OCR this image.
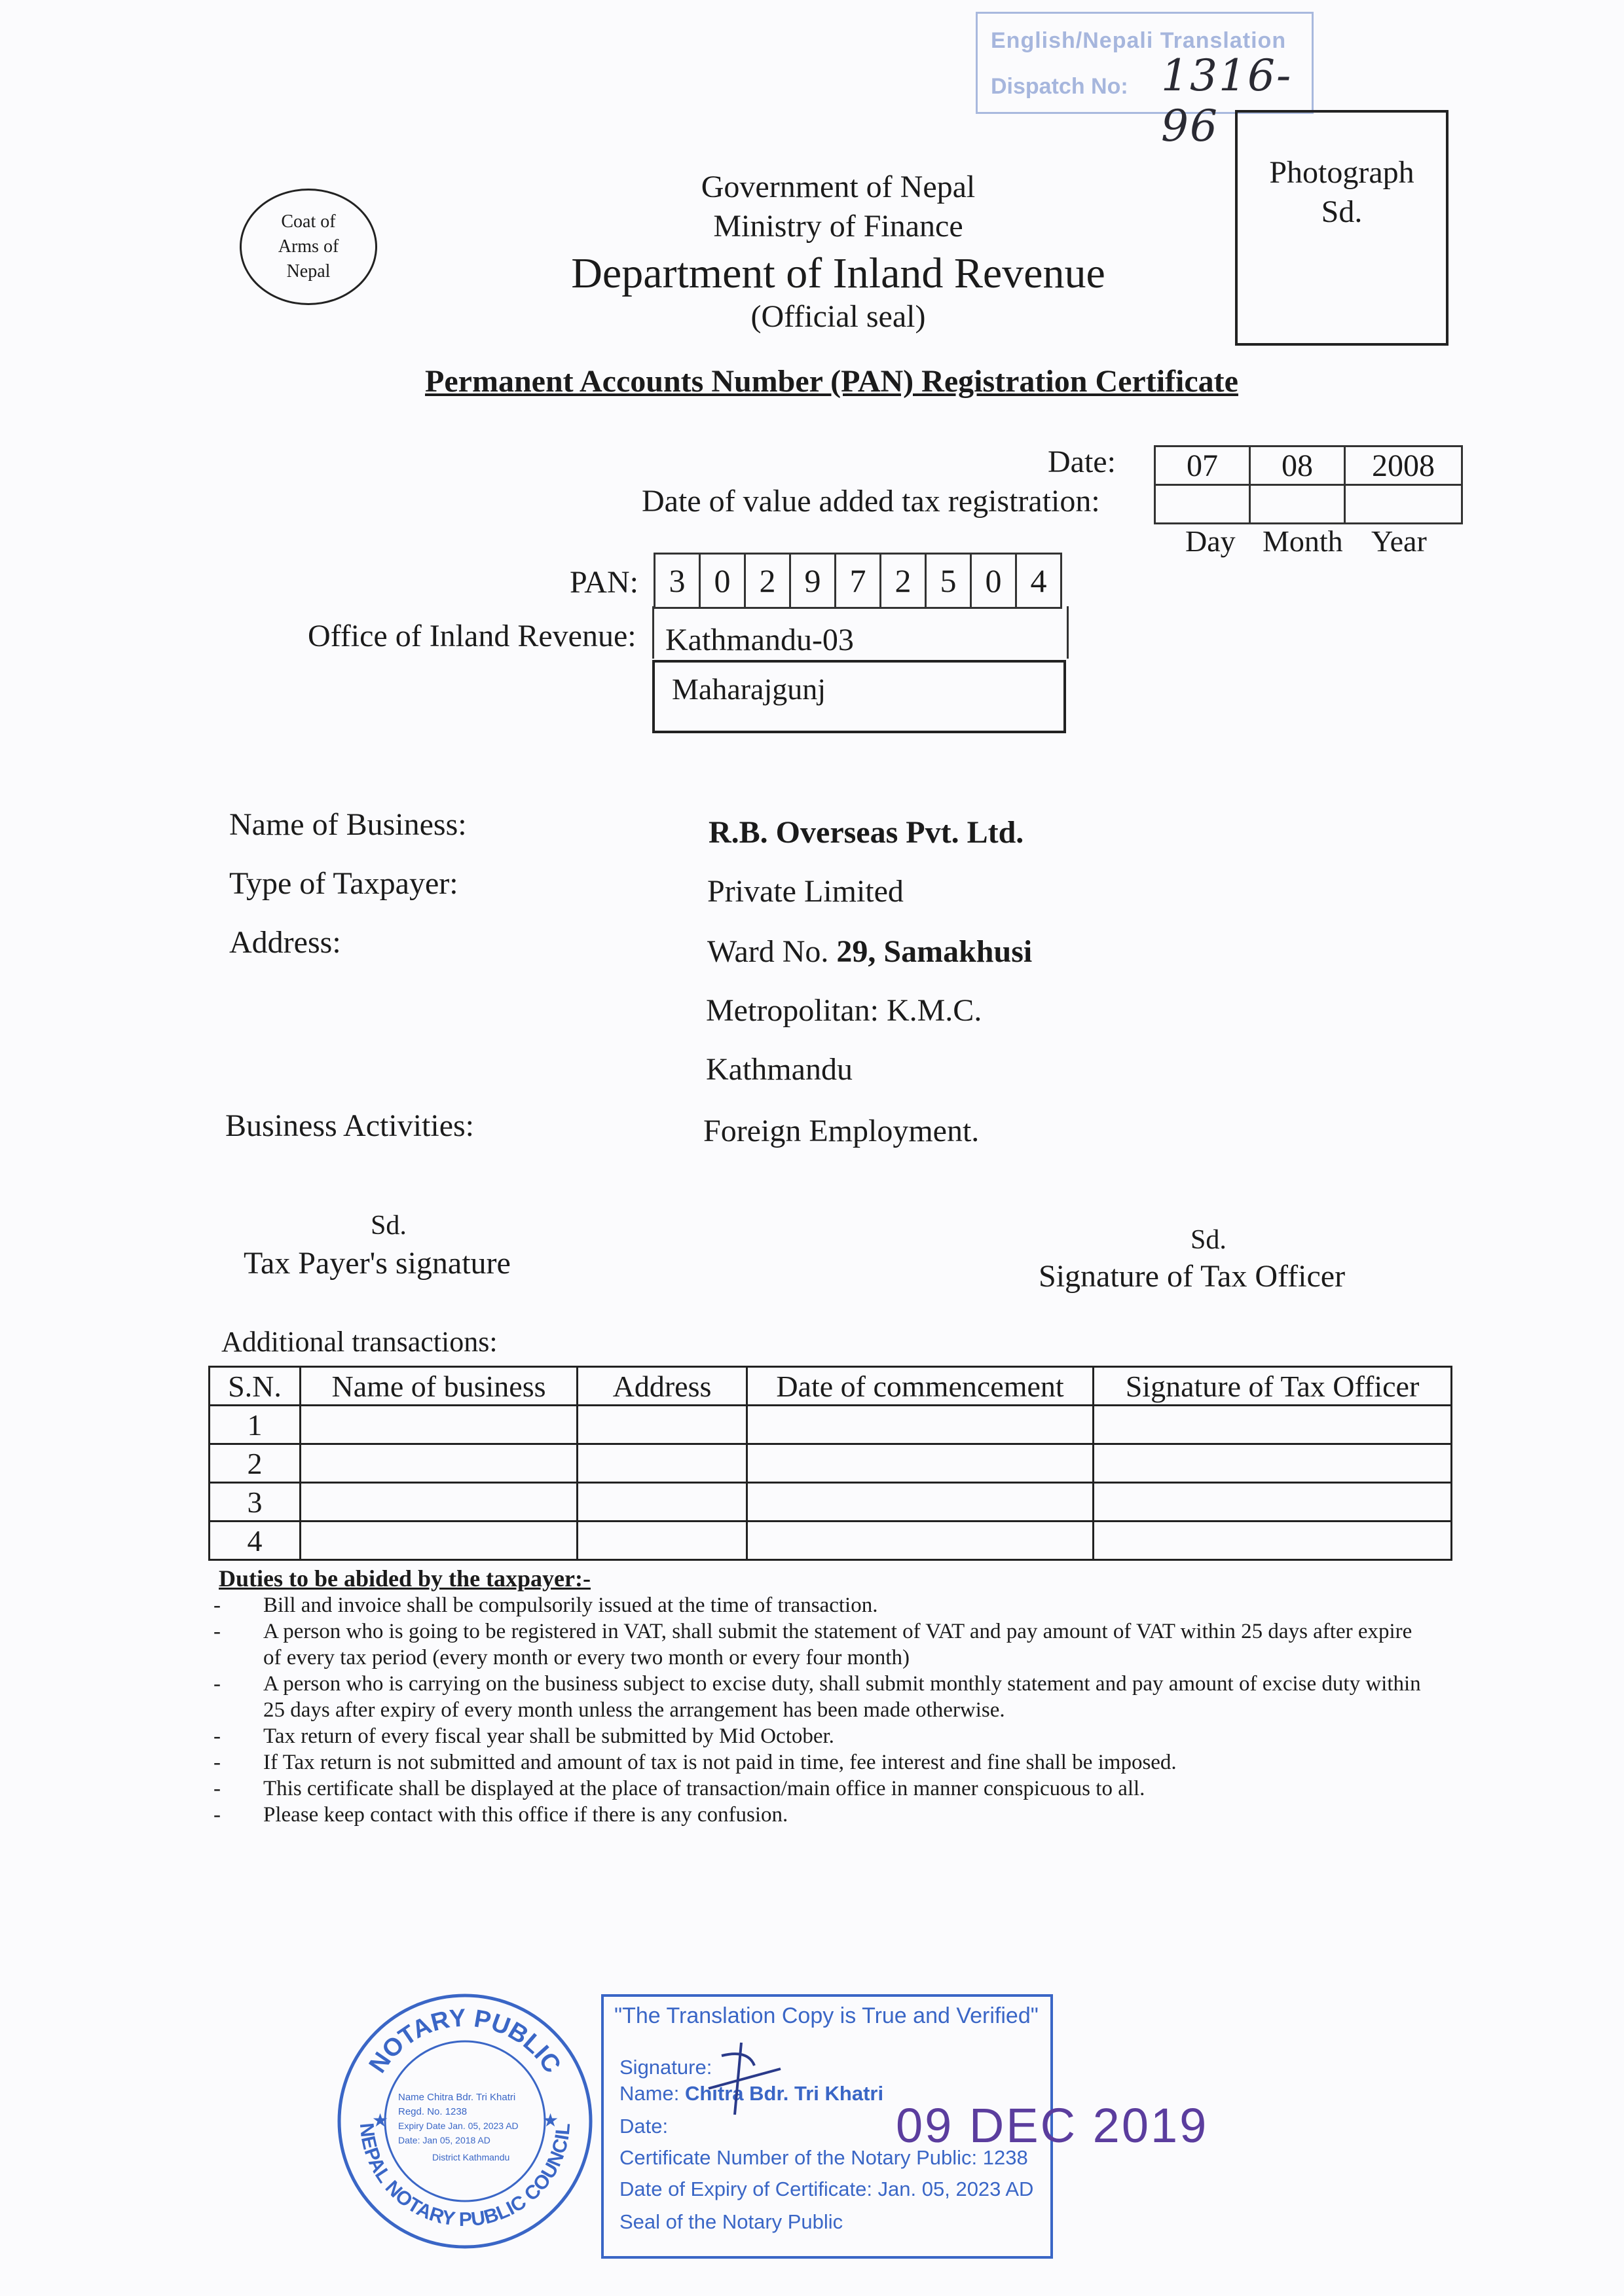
English/Nepali Translation
Dispatch No: 1316-96
Coat of
Arms of
Nepal
Government of Nepal
Ministry of Finance
Department of Inland Revenue
(Official seal)
Photograph
Sd.
Permanent Accounts Number (PAN) Registration Certificate
Date:
Date of value added tax registration:
07	08	2008

Day Month Year
PAN: 3	0	2	9	7	2	5	0	4
Office of Inland Revenue: Kathmandu-03
Maharajgunj
Name of Business:	R.B. Overseas Pvt. Ltd.
Type of Taxpayer:	Private Limited
Address:	Ward No. 29, Samakhusi
Metropolitan: K.M.C.
Kathmandu
Business Activities:	Foreign Employment.
Sd.
Tax Payer's signature
Sd.
Signature of Tax Officer
Additional transactions:
S.N.	Name of business	Address	Date of commencement	Signature of Tax Officer
1				
2				
3				
4				
Duties to be abided by the taxpayer:-
- Bill and invoice shall be compulsorily issued at the time of transaction.
- A person who is going to be registered in VAT, shall submit the statement of VAT and pay amount of VAT within 25 days after expire of every tax period (every month or every two month or every four month)
- A person who is carrying on the business subject to excise duty, shall submit monthly statement and pay amount of excise duty within 25 days after expiry of every month unless the arrangement has been made otherwise.
- Tax return of every fiscal year shall be submitted by Mid October.
- If Tax return is not submitted and amount of tax is not paid in time, fee interest and fine shall be imposed.
- This certificate shall be displayed at the place of transaction/main office in manner conspicuous to all.
- Please keep contact with this office if there is any confusion.
NOTARY PUBLIC
NEPAL NOTARY PUBLIC COUNCIL
Name Chitra Bdr. Tri Khatri
Regd. No. 1238
Expiry Date Jan. 05, 2023 AD
Date: Jan 05, 2018 AD
District Kathmandu
★	★
"The Translation Copy is True and Verified"
Signature:
Name: Chitra Bdr. Tri Khatri
Date:
Certificate Number of the Notary Public: 1238
Date of Expiry of Certificate: Jan. 05, 2023 AD
Seal of the Notary Public
09 DEC 2019
